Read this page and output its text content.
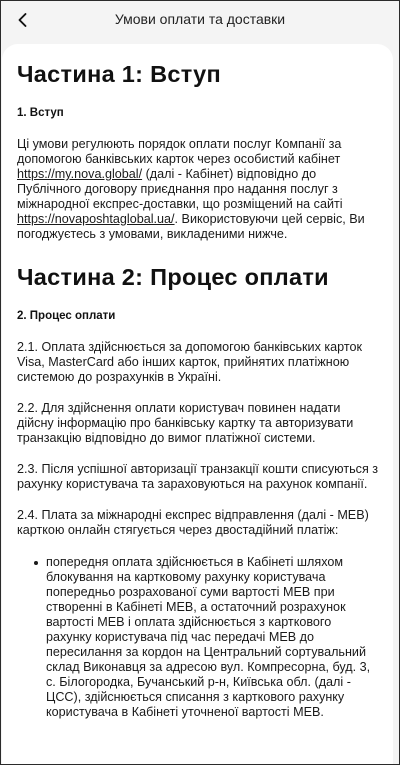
Умови оплати та доставки
Частина 1: Вступ
1. Вступ

Ці умови регулюють порядок оплати послуг Компанії за допомогою банківських карток через особистий кабінет https://my.nova.global/ (далі - Кабінет) відповідно до Публічного договору приєднання про надання послуг з міжнародної експрес-доставки, що розміщений на сайті https://novaposhtaglobal.ua/. Використовуючи цей сервіс, Ви погоджуєтесь з умовами, викладеними нижче.

Частина 2: Процес оплати
2. Процес оплати

2.1. Оплата здійснюється за допомогою банківських карток Visa, MasterCard або інших карток, прийнятих платіжною системою до розрахунків в Україні.

2.2. Для здійснення оплати користувач повинен надати дійсну інформацію про банківську картку та авторизувати транзакцію відповідно до вимог платіжної системи.

2.3. Після успішної авторизації транзакції кошти списуються з рахунку користувача та зараховуються на рахунок компанії.

2.4. Плата за міжнародні експрес відправлення (далі - МЕВ) карткою онлайн стягується через двостадійний платіж:

попередня оплата здійснюється в Кабінеті шляхом блокування на картковому рахунку користувача попередньо розрахованої суми вартості МЕВ при створенні в Кабінеті МЕВ, а остаточний розрахунок вартості МЕВ і оплата здійснюється з карткового рахунку користувача під час передачі МЕВ до пересилання за кордон на Центральний сортувальний склад Виконавця за адресою вул. Компресорна, буд. 3, с. Білогородка, Бучанський р-н, Київська обл. (далі - ЦСС), здійснюється списання з карткового рахунку користувача в Кабінеті уточненої вартості МЕВ.
